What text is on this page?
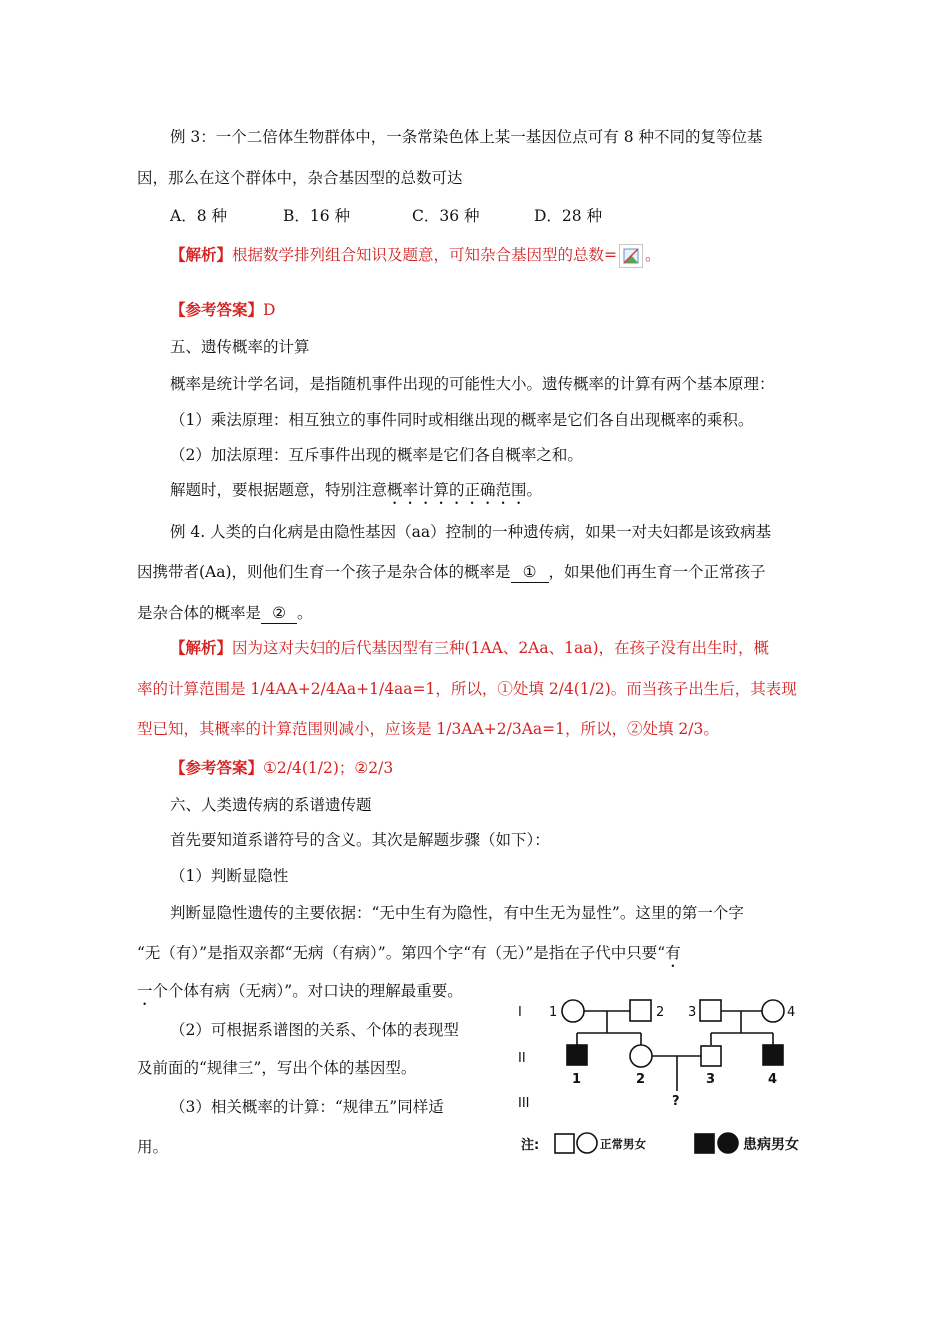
例 3：一个二倍体生物群体中，一条常染色体上某一基因位点可有 8 种不同的复等位基
因，那么在这个群体中，杂合基因型的总数可达
A．8 种	B．16 种	C．36 种	D．28 种
【解析】根据数学排列组合知识及题意，可知杂合基因型的总数= 。
【参考答案】D
五、遗传概率的计算
概率是统计学名词，是指随机事件出现的可能性大小。遗传概率的计算有两个基本原理：
（1）乘法原理：相互独立的事件同时或相继出现的概率是它们各自出现概率的乘积。
（2）加法原理：互斥事件出现的概率是它们各自概率之和。
解题时，要根据题意，特别注意概率计算的正确范围。
例 4. 人类的白化病是由隐性基因（aa）控制的一种遗传病，如果一对夫妇都是该致病基
因携带者(Aa)，则他们生育一个孩子是杂合体的概率是 ① ，如果他们再生育一个正常孩子
是杂合体的概率是 ② 。
【解析】因为这对夫妇的后代基因型有三种(1AA、2Aa、1aa)，在孩子没有出生时，概
率的计算范围是 1/4AA+2/4Aa+1/4aa=1，所以，①处填 2/4(1/2)。而当孩子出生后，其表现
型已知，其概率的计算范围则减小，应该是 1/3AA+2/3Aa=1，所以，②处填 2/3。
【参考答案】①2/4(1/2)；②2/3
六、人类遗传病的系谱遗传题
首先要知道系谱符号的含义。其次是解题步骤（如下）：
（1）判断显隐性
判断显隐性遗传的主要依据：“无中生有为隐性，有中生无为显性”。这里的第一个字
“无（有）”是指双亲都“无病（有病）”。第四个字“有（无）”是指在子代中只要“有
一个个体有病（无病）”。对口诀的理解最重要。
（2）可根据系谱图的关系、个体的表现型
及前面的“规律三”，写出个体的基因型。
（3）相关概率的计算：“规律五”同样适
用。
I
II
III
1	2 3	4
1	2	3	4
?
注:	正常男女	患病男女
